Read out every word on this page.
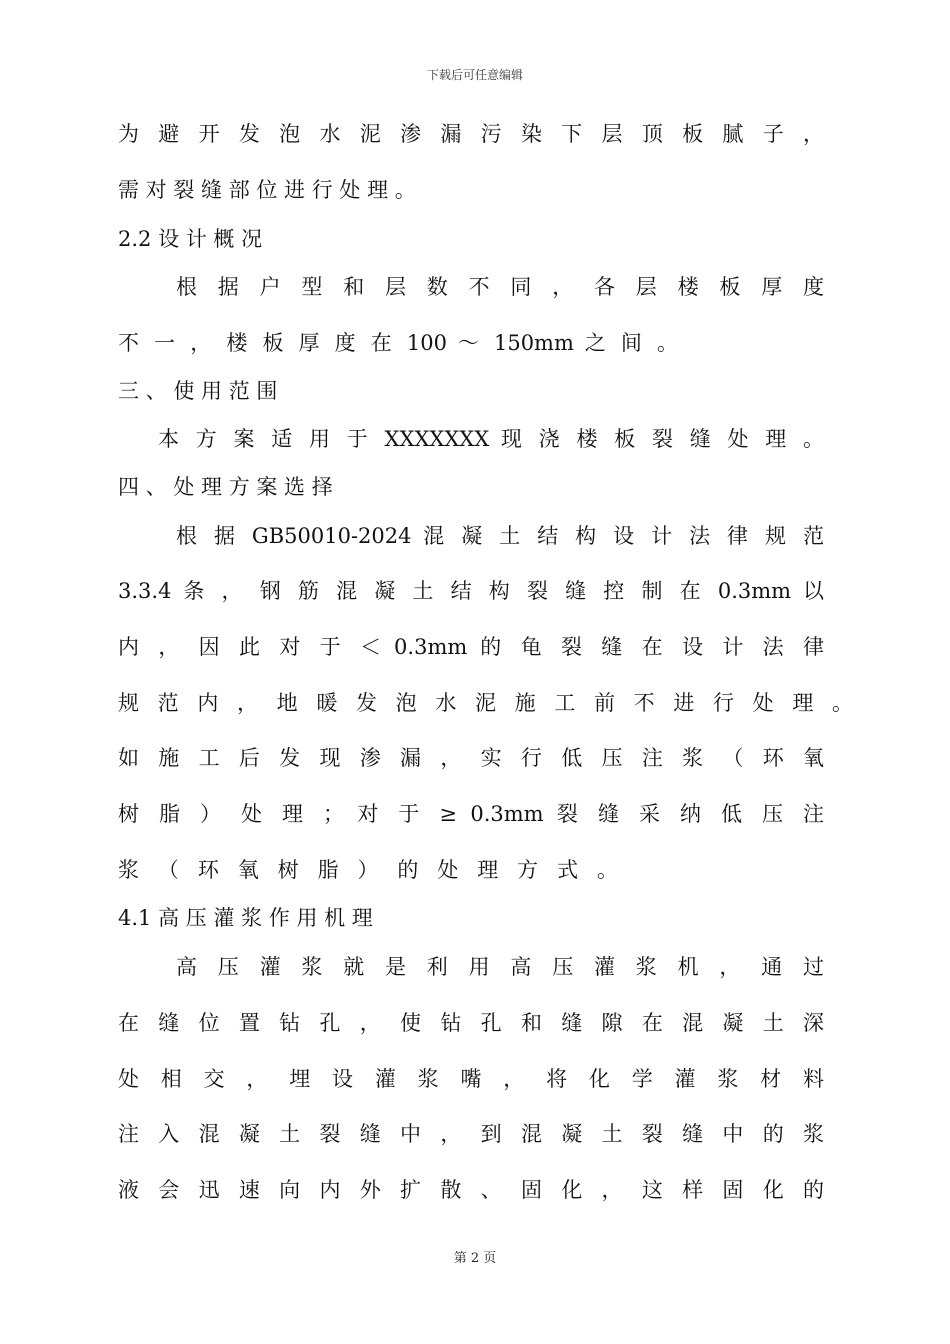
下载后可任意编辑
为 避 开 发 泡 水 泥 渗 漏 污 染 下 层 顶 板 腻 子 ，
需 对 裂 缝 部 位 进 行 处 理 。
2.2 设 计 概 况
根 据 户 型 和 层 数 不 同 ， 各 层 楼 板 厚 度
不 一 ， 楼 板 厚 度 在 100 ～ 150mm 之 间 。
三 、 使 用 范 围
本 方 案 适 用 于 XXXXXXX 现 浇 楼 板 裂 缝 处 理 。
四 、 处 理 方 案 选 择
根 据 GB50010-2024 混 凝 土 结 构 设 计 法 律 规 范
3.3.4 条 ， 钢 筋 混 凝 土 结 构 裂 缝 控 制 在 0.3mm 以
内 ， 因 此 对 于 ＜ 0.3mm 的 龟 裂 缝 在 设 计 法 律
规 范 内 ， 地 暖 发 泡 水 泥 施 工 前 不 进 行 处 理 。
如 施 工 后 发 现 渗 漏 ， 实 行 低 压 注 浆 （ 环 氧
树 脂 ） 处 理 ； 对 于 ≥ 0.3mm 裂 缝 采 纳 低 压 注
浆 （ 环 氧 树 脂 ） 的 处 理 方 式 。
4.1 高 压 灌 浆 作 用 机 理
高 压 灌 浆 就 是 利 用 高 压 灌 浆 机 ， 通 过
在 缝 位 置 钻 孔 ， 使 钻 孔 和 缝 隙 在 混 凝 土 深
处 相 交 ， 埋 设 灌 浆 嘴 ， 将 化 学 灌 浆 材 料
注 入 混 凝 土 裂 缝 中 ， 到 混 凝 土 裂 缝 中 的 浆
液 会 迅 速 向 内 外 扩 散 、 固 化 ， 这 样 固 化 的
第 2 页
